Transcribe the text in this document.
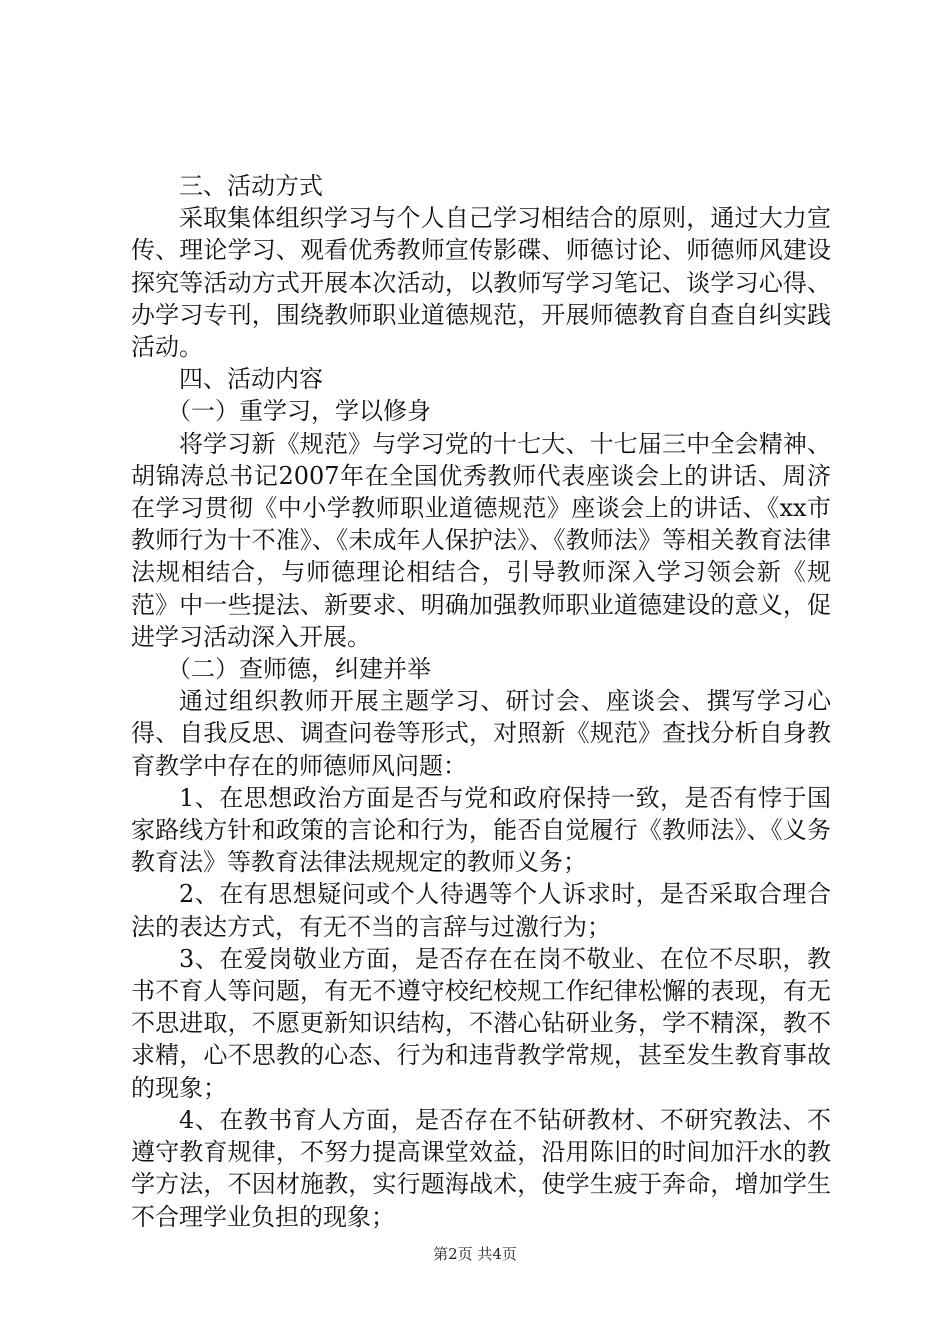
三、活动方式

采取集体组织学习与个人自己学习相结合的原则，通过大力宣传、理论学习、观看优秀教师宣传影碟、师德讨论、师德师风建设探究等活动方式开展本次活动，以教师写学习笔记、谈学习心得、办学习专刊，围绕教师职业道德规范，开展师德教育自查自纠实践活动。

四、活动内容

（一）重学习，学以修身

将学习新《规范》与学习党的十七大、十七届三中全会精神、胡锦涛总书记2007年在全国优秀教师代表座谈会上的讲话、周济在学习贯彻《中小学教师职业道德规范》座谈会上的讲话、《xx市教师行为十不准》、《未成年人保护法》、《教师法》等相关教育法律法规相结合，与师德理论相结合，引导教师深入学习领会新《规范》中一些提法、新要求、明确加强教师职业道德建设的意义，促进学习活动深入开展。

（二）查师德，纠建并举

通过组织教师开展主题学习、研讨会、座谈会、撰写学习心得、自我反思、调查问卷等形式，对照新《规范》查找分析自身教育教学中存在的师德师风问题：

1、在思想政治方面是否与党和政府保持一致，是否有悖于国家路线方针和政策的言论和行为，能否自觉履行《教师法》、《义务教育法》等教育法律法规规定的教师义务；

2、在有思想疑问或个人待遇等个人诉求时，是否采取合理合法的表达方式，有无不当的言辞与过激行为；

3、在爱岗敬业方面，是否存在在岗不敬业、在位不尽职，教书不育人等问题，有无不遵守校纪校规工作纪律松懈的表现，有无不思进取，不愿更新知识结构，不潜心钻研业务，学不精深，教不求精，心不思教的心态、行为和违背教学常规，甚至发生教育事故的现象；

4、在教书育人方面，是否存在不钻研教材、不研究教法、不遵守教育规律，不努力提高课堂效益，沿用陈旧的时间加汗水的教学方法，不因材施教，实行题海战术，使学生疲于奔命，增加学生不合理学业负担的现象；

第2页 共4页
